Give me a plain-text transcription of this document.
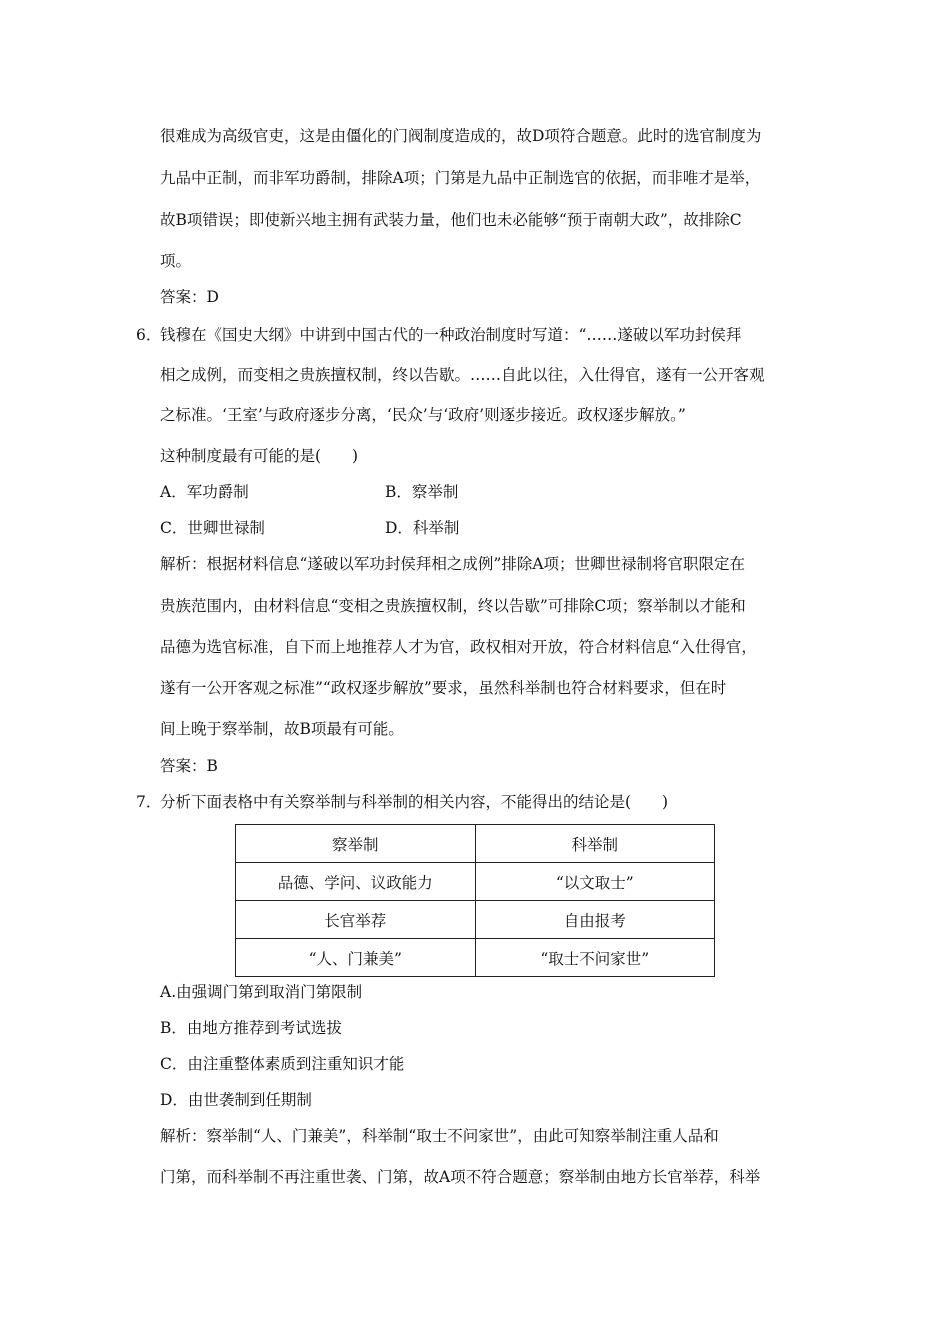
很难成为高级官吏，这是由僵化的门阀制度造成的，故D项符合题意。此时的选官制度为
九品中正制，而非军功爵制，排除A项；门第是九品中正制选官的依据，而非唯才是举，
故B项错误；即使新兴地主拥有武装力量，他们也未必能够“预于南朝大政”，故排除C
项。
答案：D
6．
钱穆在《国史大纲》中讲到中国古代的一种政治制度时写道：“……遂破以军功封侯拜
相之成例，而变相之贵族擅权制，终以告歇。……自此以往，入仕得官，遂有一公开客观
之标准。‘王室’与政府逐步分离，‘民众’与‘政府’则逐步接近。政权逐步解放。”
这种制度最有可能的是(　　)
A．军功爵制	B．察举制
C．世卿世禄制	D．科举制
解析：根据材料信息“遂破以军功封侯拜相之成例”排除A项；世卿世禄制将官职限定在
贵族范围内，由材料信息“变相之贵族擅权制，终以告歇”可排除C项；察举制以才能和
品德为选官标准，自下而上地推荐人才为官，政权相对开放，符合材料信息“入仕得官，
遂有一公开客观之标准”“政权逐步解放”要求，虽然科举制也符合材料要求，但在时
间上晚于察举制，故B项最有可能。
答案：B
7．
分析下面表格中有关察举制与科举制的相关内容，不能得出的结论是(　　)
察举制	科举制
品德、学问、议政能力	“以文取士”
长官举荐	自由报考
“人、门兼美”	“取士不问家世”
A.由强调门第到取消门第限制
B．由地方推荐到考试选拔
C．由注重整体素质到注重知识才能
D．由世袭制到任期制
解析：察举制“人、门兼美”，科举制“取士不问家世”，由此可知察举制注重人品和
门第，而科举制不再注重世袭、门第，故A项不符合题意；察举制由地方长官举荐，科举
